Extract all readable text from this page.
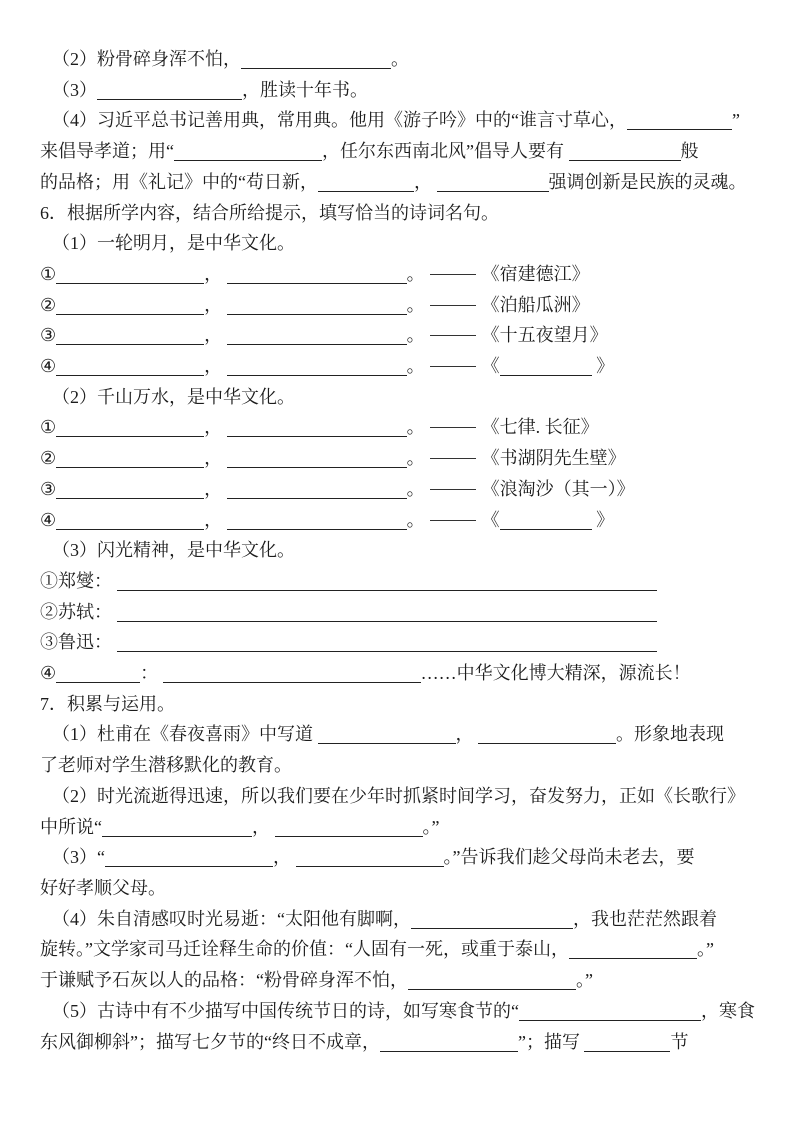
（2）粉骨碎身浑不怕，	。
（3）	，胜读十年书。
（4）习近平总书记善用典，常用典。他用《游子吟》中的“谁言寸草心，	”
来倡导孝道；用“	，任尔东西南北风”倡导人要有	般
的品格；用《礼记》中的“苟日新，	，	强调创新是民族的灵魂。
6．根据所学内容，结合所给提示，填写恰当的诗词名句。
（1）一轮明月，是中华文化。
①	，	。	《宿建德江》
②	，	。	《泊船瓜洲》
③	，	。	《十五夜望月》
④	，	。	《	》
（2）千山万水，是中华文化。
①	，	。	《七律. 长征》
②	，	。	《书湖阴先生壁》
③	，	。	《浪淘沙（其一）》
④	，	。	《	》
（3）闪光精神，是中华文化。
①郑燮：
②苏轼：
③鲁迅：
④	：	……中华文化博大精深，源流长！
7．积累与运用。
（1）杜甫在《春夜喜雨》中写道	，	。形象地表现
了老师对学生潜移默化的教育。
（2）时光流逝得迅速，所以我们要在少年时抓紧时间学习，奋发努力，正如《长歌行》
中所说“	，	。”
（3）“	，	。”告诉我们趁父母尚未老去，要
好好孝顺父母。
（4）朱自清感叹时光易逝：“太阳他有脚啊，	，我也茫茫然跟着
旋转。”文学家司马迁诠释生命的价值：“人固有一死，或重于泰山，	。”
于谦赋予石灰以人的品格：“粉骨碎身浑不怕，	。”
（5）古诗中有不少描写中国传统节日的诗，如写寒食节的“	，寒食
东风御柳斜”；描写七夕节的“终日不成章，	”；描写	节
